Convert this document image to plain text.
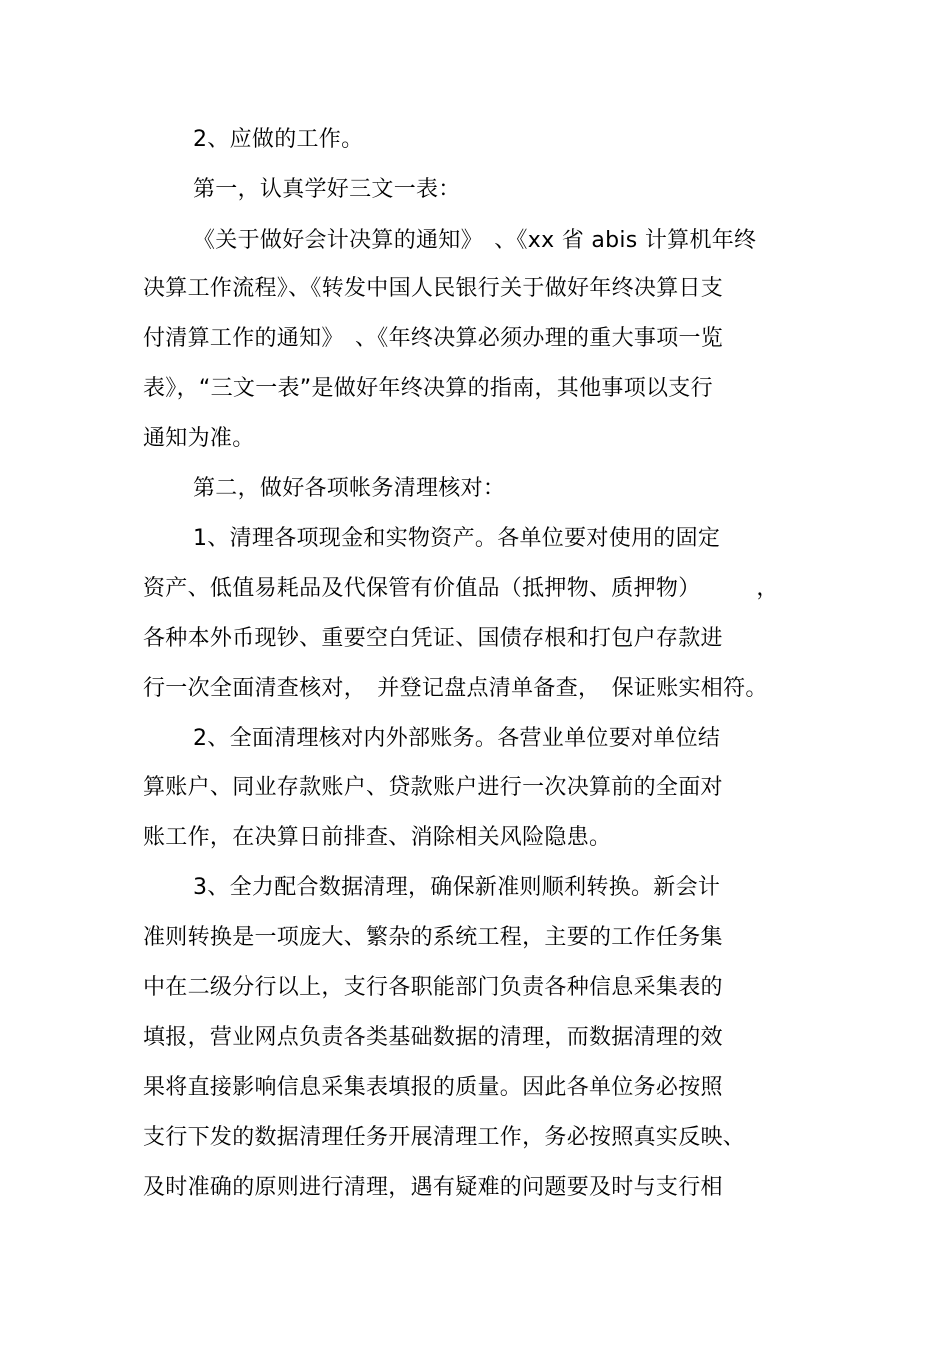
2、应做的工作。
第一，认真学好三文一表：
《关于做好会计决算的通知》　、《xx 省 abis 计算机年终
决算工作流程》、《转发中国人民银行关于做好年终决算日支
付清算工作的通知》　、《年终决算必须办理的重大事项一览
表》，“三文一表”是做好年终决算的指南，其他事项以支行
通知为准。
第二，做好各项帐务清理核对：
1、清理各项现金和实物资产。各单位要对使用的固定
资产、低值易耗品及代保管有价值品（抵押物、质押物）　　　，
各种本外币现钞、重要空白凭证、国债存根和打包户存款进
行一次全面清查核对，　并登记盘点清单备查，　保证账实相符。
2、全面清理核对内外部账务。各营业单位要对单位结
算账户、同业存款账户、贷款账户进行一次决算前的全面对
账工作，在决算日前排查、消除相关风险隐患。
3、全力配合数据清理，确保新准则顺利转换。新会计
准则转换是一项庞大、繁杂的系统工程，主要的工作任务集
中在二级分行以上，支行各职能部门负责各种信息采集表的
填报，营业网点负责各类基础数据的清理，而数据清理的效
果将直接影响信息采集表填报的质量。因此各单位务必按照
支行下发的数据清理任务开展清理工作，务必按照真实反映、
及时准确的原则进行清理，遇有疑难的问题要及时与支行相
